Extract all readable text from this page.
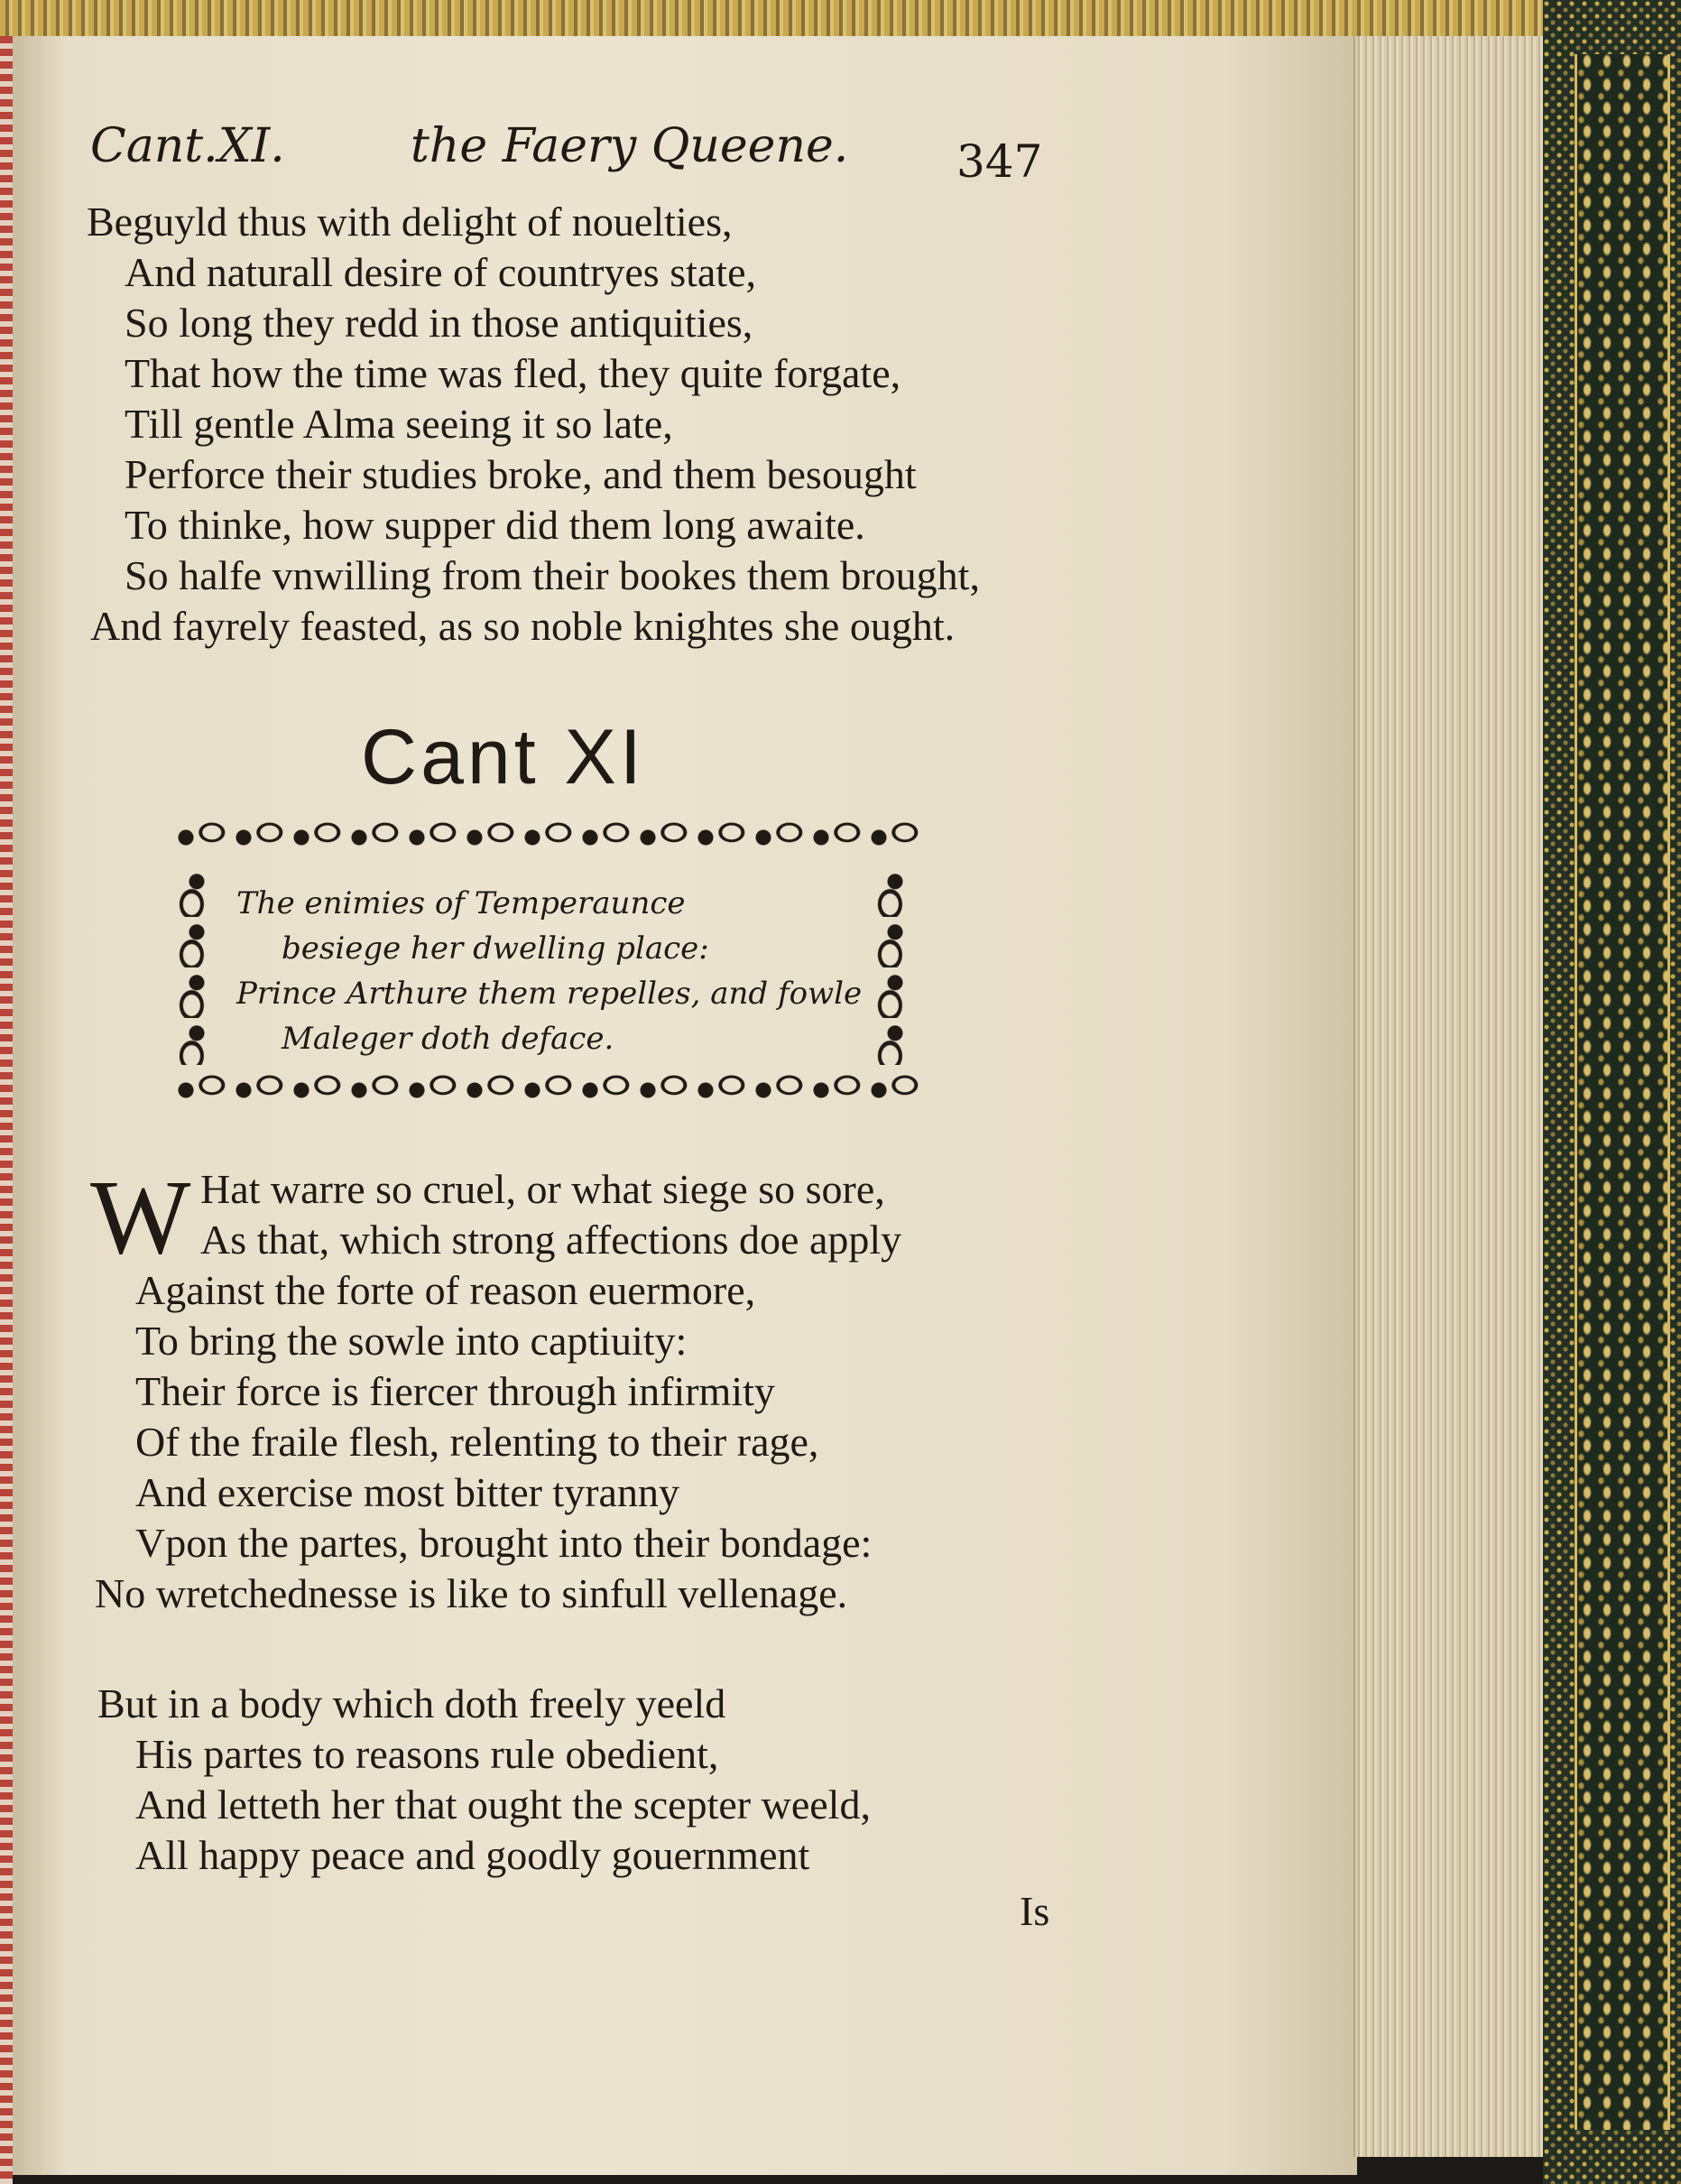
Cant.XI.	the Faery Queene. 347
Beguyld thus with delight of nouelties,
And naturall desire of countryes state,
So long they redd in those antiquities,
That how the time was fled, they quite forgate,
Till gentle Alma seeing it so late,
Perforce their studies broke, and them besought
To thinke, how supper did them long awaite.
So halfe vnwilling from their bookes them brought,
And fayrely feasted, as so noble knightes she ought.
Cant XI
The enimies of Temperaunce
besiege her dwelling place:
Prince Arthure them repelles, and fowle
Maleger doth deface.
W Hat warre so cruel, or what siege so sore,
As that, which strong affections doe apply
Against the forte of reason euermore,
To bring the sowle into captiuity:
Their force is fiercer through infirmity
Of the fraile flesh, relenting to their rage,
And exercise most bitter tyranny
Vpon the partes, brought into their bondage:
No wretchednesse is like to sinfull vellenage.
But in a body which doth freely yeeld
His partes to reasons rule obedient,
And letteth her that ought the scepter weeld,
All happy peace and goodly gouernment
Is
